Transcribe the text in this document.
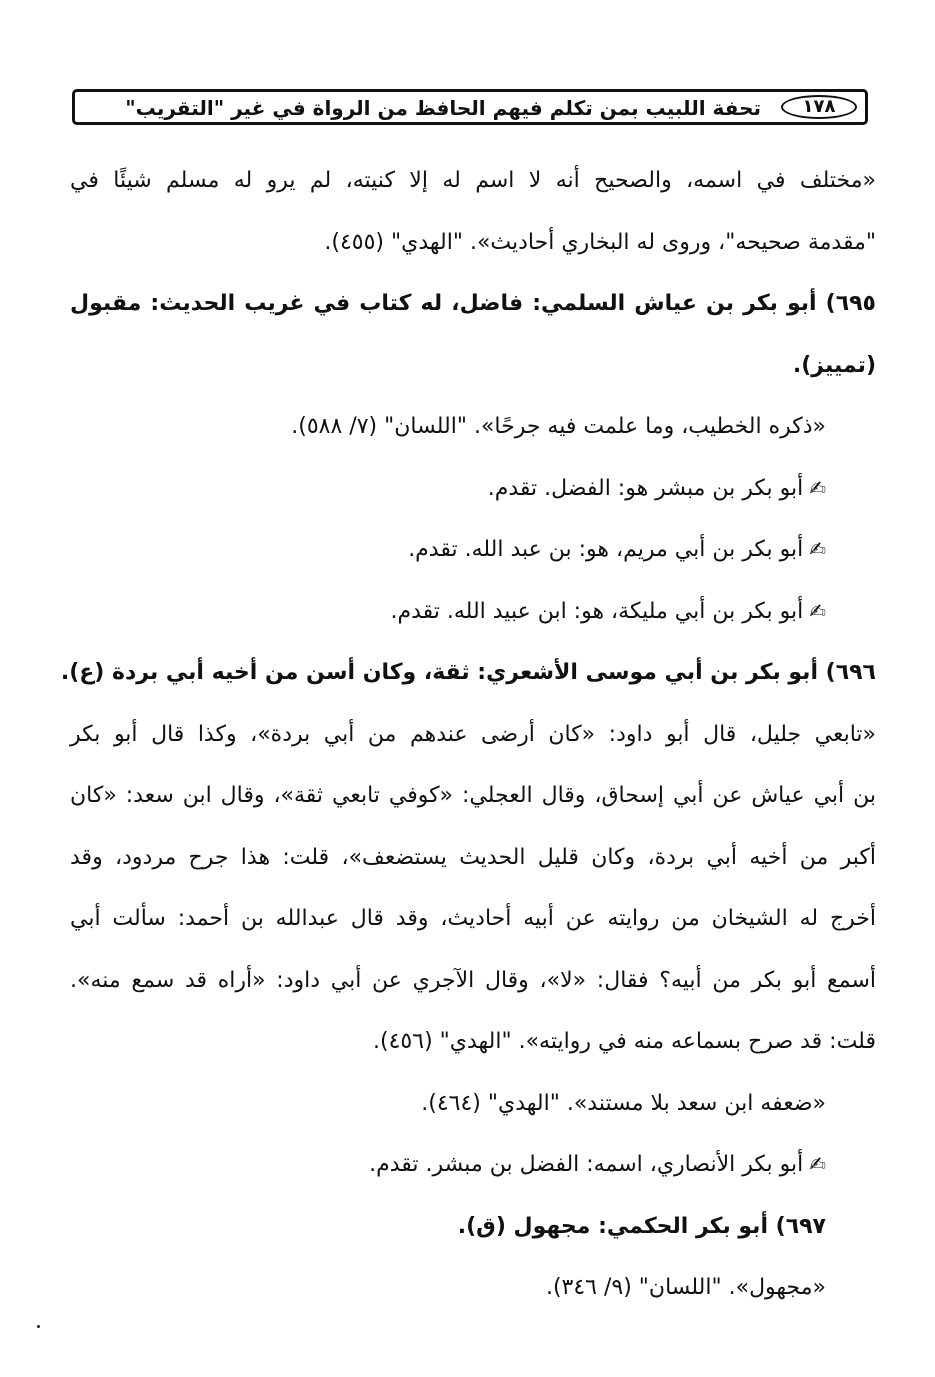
١٧٨
تحفة اللبيب بمن تكلم فيهم الحافظ من الرواة في غير "التقريب"
«مختلف في اسمه، والصحيح أنه لا اسم له إلا كنيته، لم يرو له مسلم شيئًا في
"مقدمة صحيحه"، وروى له البخاري أحاديث». "الهدي" (٤٥٥).
٦٩٥) أبو بكر بن عياش السلمي: فاضل، له كتاب في غريب الحديث: مقبول
(تمييز).
«ذكره الخطيب، وما علمت فيه جرحًا». "اللسان" (٧/ ٥٨٨).
✍أبو بكر بن مبشر هو: الفضل. تقدم.
✍أبو بكر بن أبي مريم، هو: بن عبد الله. تقدم.
✍أبو بكر بن أبي مليكة، هو: ابن عبيد الله. تقدم.
٦٩٦) أبو بكر بن أبي موسى الأشعري: ثقة، وكان أسن من أخيه أبي بردة (ع).
«تابعي جليل، قال أبو داود: «كان أرضى عندهم من أبي بردة»، وكذا قال أبو بكر
بن أبي عياش عن أبي إسحاق، وقال العجلي: «كوفي تابعي ثقة»، وقال ابن سعد: «كان
أكبر من أخيه أبي بردة، وكان قليل الحديث يستضعف»، قلت: هذا جرح مردود، وقد
أخرج له الشيخان من روايته عن أبيه أحاديث، وقد قال عبدالله بن أحمد: سألت أبي
أسمع أبو بكر من أبيه؟ فقال: «لا»، وقال الآجري عن أبي داود: «أراه قد سمع منه».
قلت: قد صرح بسماعه منه في روايته». "الهدي" (٤٥٦).
«ضعفه ابن سعد بلا مستند». "الهدي" (٤٦٤).
✍أبو بكر الأنصاري، اسمه: الفضل بن مبشر. تقدم.
٦٩٧) أبو بكر الحكمي: مجهول (ق).
«مجهول». "اللسان" (٩/ ٣٤٦).
